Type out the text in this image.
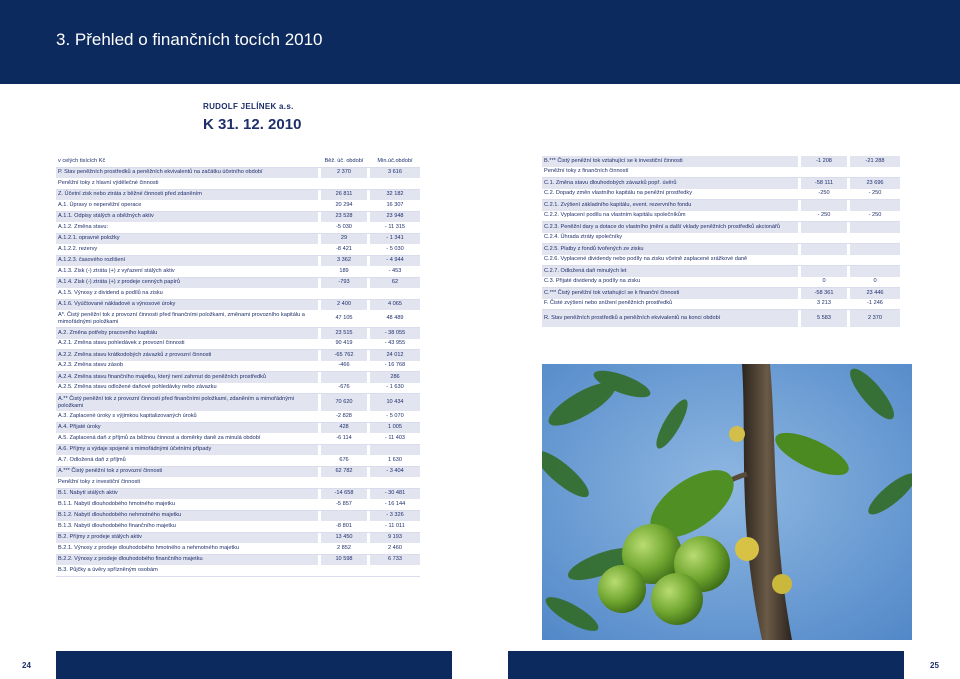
3. Přehled o finančních tocích 2010
RUDOLF JELÍNEK a.s.
K 31. 12. 2010
v celých tisících Kč		Běž. úč. období		Min.úč.období
P. Stav peněžních prostředků a peněžních ekvivalentů na začátku účetního období		2 370		3 616
Peněžní toky z hlavní výdělečné činnosti				
Z. Účetní zisk nebo ztráta z běžné činnosti před zdaněním		26 811		32 182
A.1. Úpravy o nepeněžní operace		20 294		16 307
A.1.1. Odpisy stálých a oběžných aktiv		23 528		23 948
A.1.2. Změna stavu:		-5 030		- 11 315
A.1.2.1. opravné položky		29		- 1 341
A.1.2.2. rezervy		-8 421		- 5 030
A.1.2.3. časového rozlišení		3 362		- 4 944
A.1.3. Zisk (-) ztráta (+) z vyřazení stálých aktiv		189		- 453
A.1.4. Zisk (-) ztráta (+) z prodeje cenných papírů		-793		62
A.1.5. Výnosy z dividend a podílů na zisku				
A.1.6. Vyúčtované nákladové a výnosové úroky		2 400		4 065
A*. Čistý peněžní tok z provozní činnosti před finančními položkami, změnami provozního kapitálu a mimořádnými položkami		47 105		48 489
A.2. Změna potřeby pracovního kapitálu		23 515		- 38 055
A.2.1. Změna stavu pohledávek z provozní činnosti		90 419		- 43 955
A.2.2. Změna stavu krátkodobých závazků z provozní činnosti		-65 762		24 012
A.2.3. Změna stavu zásob		-466		- 16 768
A.2.4. Změna stavu finančního majetku, který není zahrnut do peněžních prostředků				286
A.2.5. Změna stavu odložené daňové pohledávky nebo závazku		-676		- 1 630
A.** Čistý peněžní tok z provozní činnosti před finančními položkami, zdaněním a mimořádnými položkami		70 620		10 434
A.3. Zaplacené úroky s výjimkou kapitalizovaných úroků		-2 828		- 5 070
A.4. Přijaté úroky		428		1 005
A.5. Zaplacená daň z příjmů za běžnou činnost a doměrky daně za minulá období		-6 114		- 11 403
A.6. Příjmy a výdaje spojené s mimořádnými účetními případy				
A.7. Odložená daň z příjmů		676		1 630
A.*** Čistý peněžní tok z provozní činnosti		62 782		- 3 404
Peněžní toky z investiční činnosti				
B.1. Nabytí stálých aktiv		-14 658		- 30 481
B.1.1. Nabytí dlouhodobého hmotného majetku		-5 857		- 16 144
B.1.2. Nabytí dlouhodobého nehmotného majetku				- 3 326
B.1.3. Nabytí dlouhodobého finančního majetku		-8 801		- 11 011
B.2. Příjmy z prodeje stálých aktiv		13 450		9 193
B.2.1. Výnosy z prodeje dlouhodobého hmotného a nehmotného majetku		2 852		2 460
B.2.2. Výnosy z prodeje dlouhodobého finančního majetku		10 598		6 733
B.3. Půjčky a úvěry spřízněným osobám				
B.*** Čistý peněžní tok vztahující se k investiční činnosti		-1 208		-21 288
Peněžní toky z finančních činností				
C.1. Změna stavu dlouhodobých závazků popř. úvěrů		-58 111		23 696
C.2. Dopady změn vlastního kapitálu na peněžní prostředky		-250		- 250
C.2.1. Zvýšení základního kapitálu, event. rezervního fondu				
C.2.2. Vyplacení podílu na vlastním kapitálu společníkům		- 250		- 250
C.2.3. Peněžní dary a dotace do vlastního jmění a další vklady peněžních prostředků akcionářů				
C.2.4. Úhrada ztráty společníky				
C.2.5. Platby z fondů tvořených ze zisku				
C.2.6. Vyplacené dividendy nebo podíly na zisku včetně zaplacené srážkové daně				
C.2.7. Odložená daň minulých let				
C.3. Přijaté dividendy a podíly na zisku		0		0
C.*** Čistý peněžní tok vztahující se k finanční činnosti		-58 361		23 446
F. Čisté zvýšení nebo snížení peněžních prostředků		3 213		-1 246
R. Stav peněžních prostředků a peněžních ekvivalentů na konci období		5 583		2 370
24	25
